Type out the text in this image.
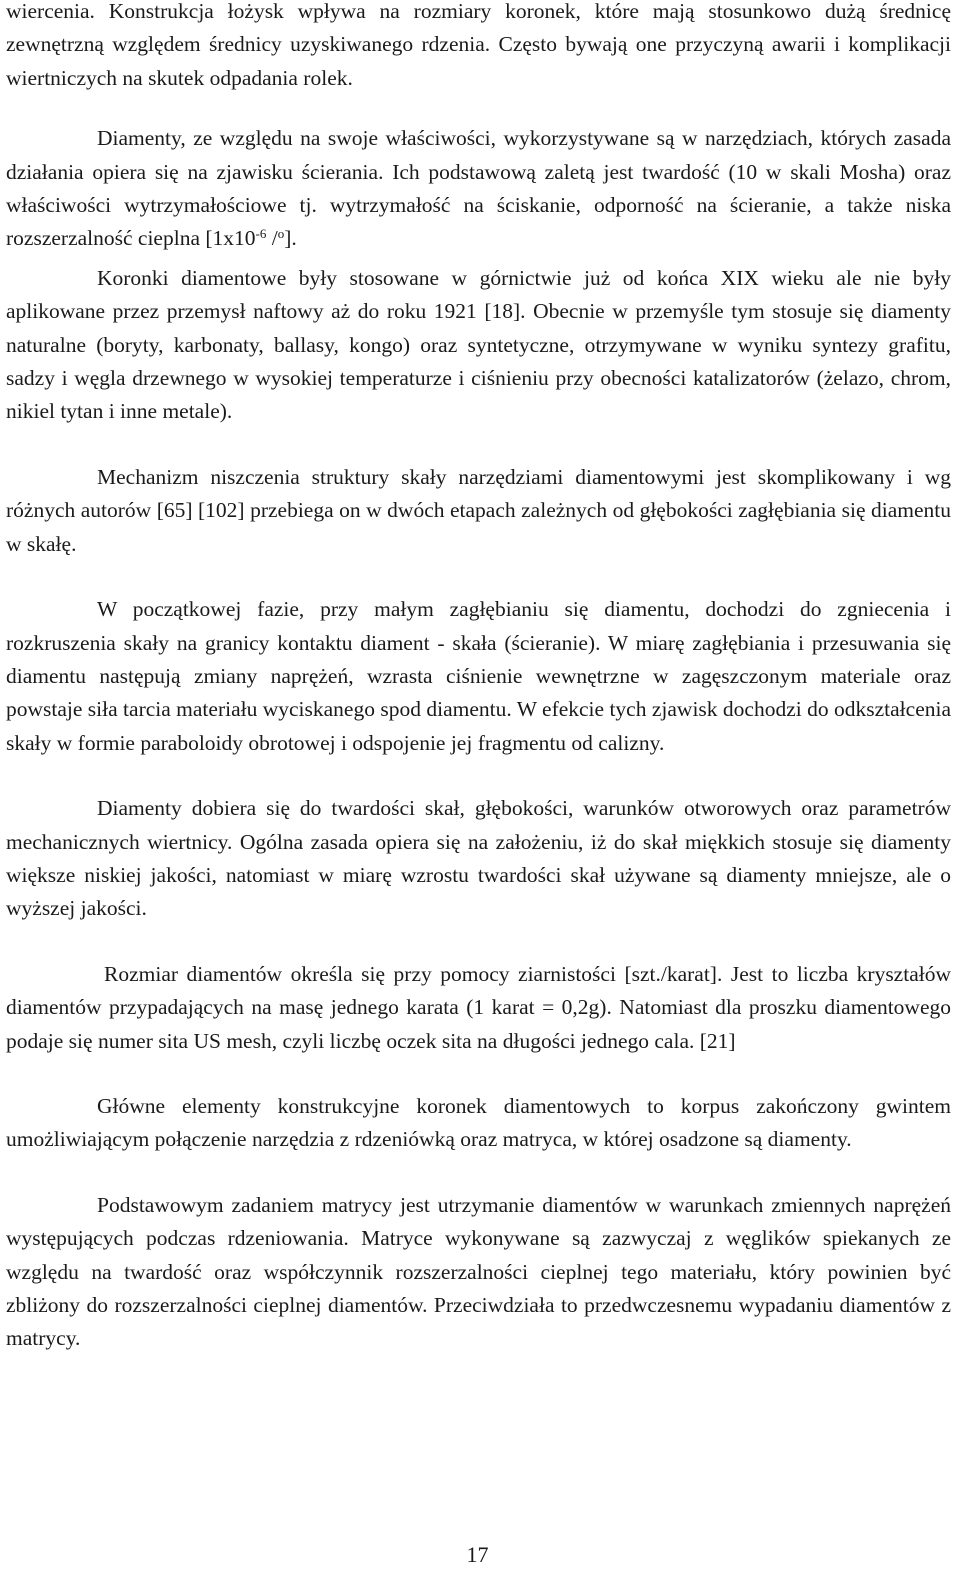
wiercenia. Konstrukcja łożysk wpływa na rozmiary koronek, które mają stosunkowo dużą średnicę zewnętrzną względem średnicy uzyskiwanego rdzenia. Często bywają one przyczyną awarii i komplikacji wiertniczych na skutek odpadania rolek.

Diamenty, ze względu na swoje właściwości, wykorzystywane są w narzędziach, których zasada działania opiera się na zjawisku ścierania. Ich podstawową zaletą jest twardość (10 w skali Mosha) oraz właściwości wytrzymałościowe tj. wytrzymałość na ściskanie, odporność na ścieranie, a także niska rozszerzalność cieplna [$1x10^{-6}$ /$^o$].

Koronki diamentowe były stosowane w górnictwie już od końca XIX wieku ale nie były aplikowane przez przemysł naftowy aż do roku 1921 [18]. Obecnie w przemyśle tym stosuje się diamenty naturalne (boryty, karbonaty, ballasy, kongo) oraz syntetyczne, otrzymywane w wyniku syntezy grafitu, sadzy i węgla drzewnego w wysokiej temperaturze i ciśnieniu przy obecności katalizatorów (żelazo, chrom, nikiel tytan i inne metale).

Mechanizm niszczenia struktury skały narzędziami diamentowymi jest skomplikowany i wg różnych autorów [65] [102] przebiega on w dwóch etapach zależnych od głębokości zagłębiania się diamentu w skałę.

W początkowej fazie, przy małym zagłębianiu się diamentu, dochodzi do zgniecenia i rozkruszenia skały na granicy kontaktu diament - skała (ścieranie). W miarę zagłębiania i przesuwania się diamentu następują zmiany naprężeń, wzrasta ciśnienie wewnętrzne w zagęszczonym materiale oraz powstaje siła tarcia materiału wyciskanego spod diamentu. W efekcie tych zjawisk dochodzi do odkształcenia skały w formie paraboloidy obrotowej i odspojenie jej fragmentu od calizny.

Diamenty dobiera się do twardości skał, głębokości, warunków otworowych oraz parametrów mechanicznych wiertnicy. Ogólna zasada opiera się na założeniu, iż do skał miękkich stosuje się diamenty większe niskiej jakości, natomiast w miarę wzrostu twardości skał używane są diamenty mniejsze, ale o wyższej jakości.

Rozmiar diamentów określa się przy pomocy ziarnistości [szt./karat]. Jest to liczba kryształów diamentów przypadających na masę jednego karata (1 karat = 0,2g). Natomiast dla proszku diamentowego podaje się numer sita US mesh, czyli liczbę oczek sita na długości jednego cala. [21]

Główne elementy konstrukcyjne koronek diamentowych to korpus zakończony gwintem umożliwiającym połączenie narzędzia z rdzeniówką oraz matryca, w której osadzone są diamenty.

Podstawowym zadaniem matrycy jest utrzymanie diamentów w warunkach zmiennych naprężeń występujących podczas rdzeniowania. Matryce wykonywane są zazwyczaj z węglików spiekanych ze względu na twardość oraz współczynnik rozszerzalności cieplnej tego materiału, który powinien być zbliżony do rozszerzalności cieplnej diamentów. Przeciwdziała to przedwczesnemu wypadaniu diamentów z matrycy.

17
